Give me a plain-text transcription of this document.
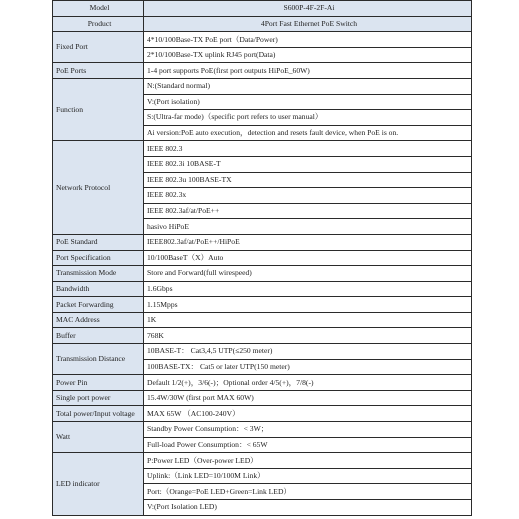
Model	S600P-4F-2F-Ai
Product	4Port Fast Ethernet PoE Switch
Fixed Port	4*10/100Base-TX PoE port（Data/Power)
	2*10/100Base-TX uplink RJ45 port(Data)
PoE Ports	1-4 port supports PoE(first port outputs HiPoE_60W)
Function	N:(Standard normal)
	V:(Port isolation)
	S:(Ultra-far mode)（specific port refers to user manual）
	Ai version:PoE auto execution，detection and resets fault device, when PoE is on.
Network Protocol	IEEE 802.3
	IEEE 802.3i 10BASE-T
	IEEE 802.3u 100BASE-TX
	IEEE 802.3x
	IEEE 802.3af/at/PoE++
	hasivo HiPoE
PoE Standard	IEEE802.3af/at/PoE++/HiPoE
Port Specification	10/100BaseT（X）Auto
Transmission Mode	Store and Forward(full wirespeed)
Bandwidth	1.6Gbps
Packet Forwarding	1.15Mpps
MAC Address	1K
Buffer	768K
Transmission Distance	10BASE-T： Cat3,4,5 UTP(≤250 meter)
	100BASE-TX： Cat5 or later UTP(150 meter)
Power Pin	Default 1/2(+)，3/6(-)；Optional order 4/5(+)，7/8(-)
Single port power	15.4W/30W (first port MAX 60W)
Total power/Input voltage	MAX 65W （AC100-240V）
Watt	Standby Power Consumption：< 3W；
	Full-load Power Consumption：< 65W
LED indicator	P:Power LED（Over-power LED）
	Uplink:（Link LED=10/100M Link）
	Port:（Orange=PoE LED+Green=Link LED）
	V:(Port Isolation LED)
